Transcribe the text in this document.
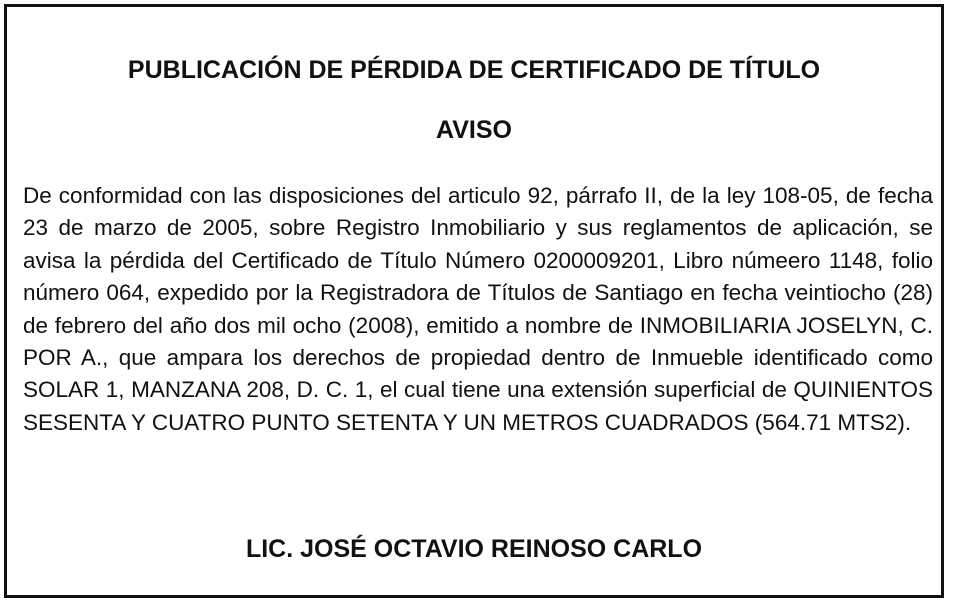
PUBLICACIÓN DE PÉRDIDA DE CERTIFICADO DE TÍTULO
AVISO

De conformidad con las disposiciones del articulo 92, párrafo II, de la ley 108-05, de fecha 23 de marzo de 2005, sobre Registro Inmobiliario y sus reglamentos de aplicación, se avisa la pérdida del Certificado de Título Número 0200009201, Libro númeero 1148, folio número 064, expedido por la Registradora de Títulos de Santiago en fecha veintiocho (28) de febrero del año dos mil ocho (2008), emitido a nombre de INMOBILIARIA JOSELYN, C. POR A., que ampara los derechos de propiedad dentro de Inmueble identificado como SOLAR 1, MANZANA 208, D. C. 1, el cual tiene una extensión superficial de QUINIENTOS SESENTA Y CUATRO PUNTO SETENTA Y UN METROS CUADRADOS (564.71 MTS2).

LIC. JOSÉ OCTAVIO REINOSO CARLO
